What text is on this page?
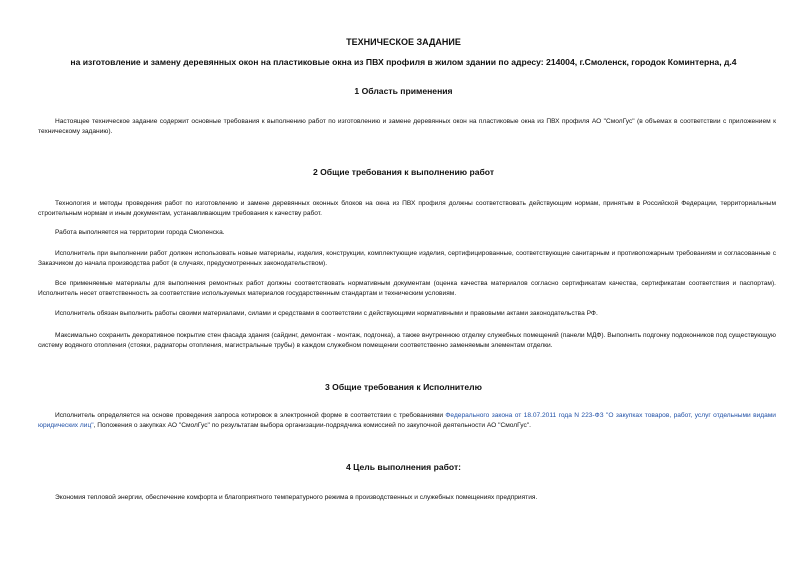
ТЕХНИЧЕСКОЕ ЗАДАНИЕ
на изготовление и замену деревянных окон на пластиковые окна из ПВХ профиля в жилом здании по адресу: 214004, г.Смоленск, городок Коминтерна, д.4
1 Область применения
Настоящее техническое задание содержит основные требования к выполнению работ по изготовлению и замене деревянных окон на пластиковые окна из ПВХ профиля АО "СмолГус" (в объемах в соответствии с приложением к техническому заданию).
2 Общие требования к выполнению работ
Технология и методы проведения работ по изготовлению и замене деревянных оконных блоков на окна из ПВХ профиля должны соответствовать действующим нормам, принятым в Российской Федерации, территориальным строительным нормам и иным документам, устанавливающим требования к качеству работ.
Работа выполняется на территории города Смоленска.
Исполнитель при выполнении работ должен использовать новые материалы, изделия, конструкции, комплектующие изделия, сертифицированные, соответствующие санитарным и противопожарным требованиям и согласованные с Заказчиком до начала производства работ (в случаях, предусмотренных законодательством).
Все применяемые материалы для выполнения ремонтных работ должны соответствовать нормативным документам (оценка качества материалов согласно сертификатам качества, сертификатам соответствия и паспортам). Исполнитель несет ответственность за соответствие используемых материалов государственным стандартам и техническим условиям.
Исполнитель обязан выполнить работы своими материалами, силами и средствами в соответствии с действующими нормативными и правовыми актами законодательства РФ.
Максимально сохранить декоративное покрытие стен фасада здания (сайдинг, демонтаж - монтаж, подгонка), а также внутреннюю отделку служебных помещений (панели МДФ). Выполнить подгонку подоконников под существующую систему водяного отопления (стояки, радиаторы отопления, магистральные трубы) в каждом служебном помещении соответственно заменяемым элементам отделки.
3 Общие требования к Исполнителю
Исполнитель определяется на основе проведения запроса котировок в электронной форме в соответствии с требованиями Федерального закона от 18.07.2011 года N 223-ФЗ "О закупках товаров, работ, услуг отдельными видами юридических лиц", Положения о закупках АО "СмолГус" по результатам выбора организации-подрядчика комиссией по закупочной деятельности АО "СмолГус".
4 Цель выполнения работ:
Экономия тепловой энергии, обеспечение комфорта и благоприятного температурного режима в производственных и служебных помещениях предприятия.
